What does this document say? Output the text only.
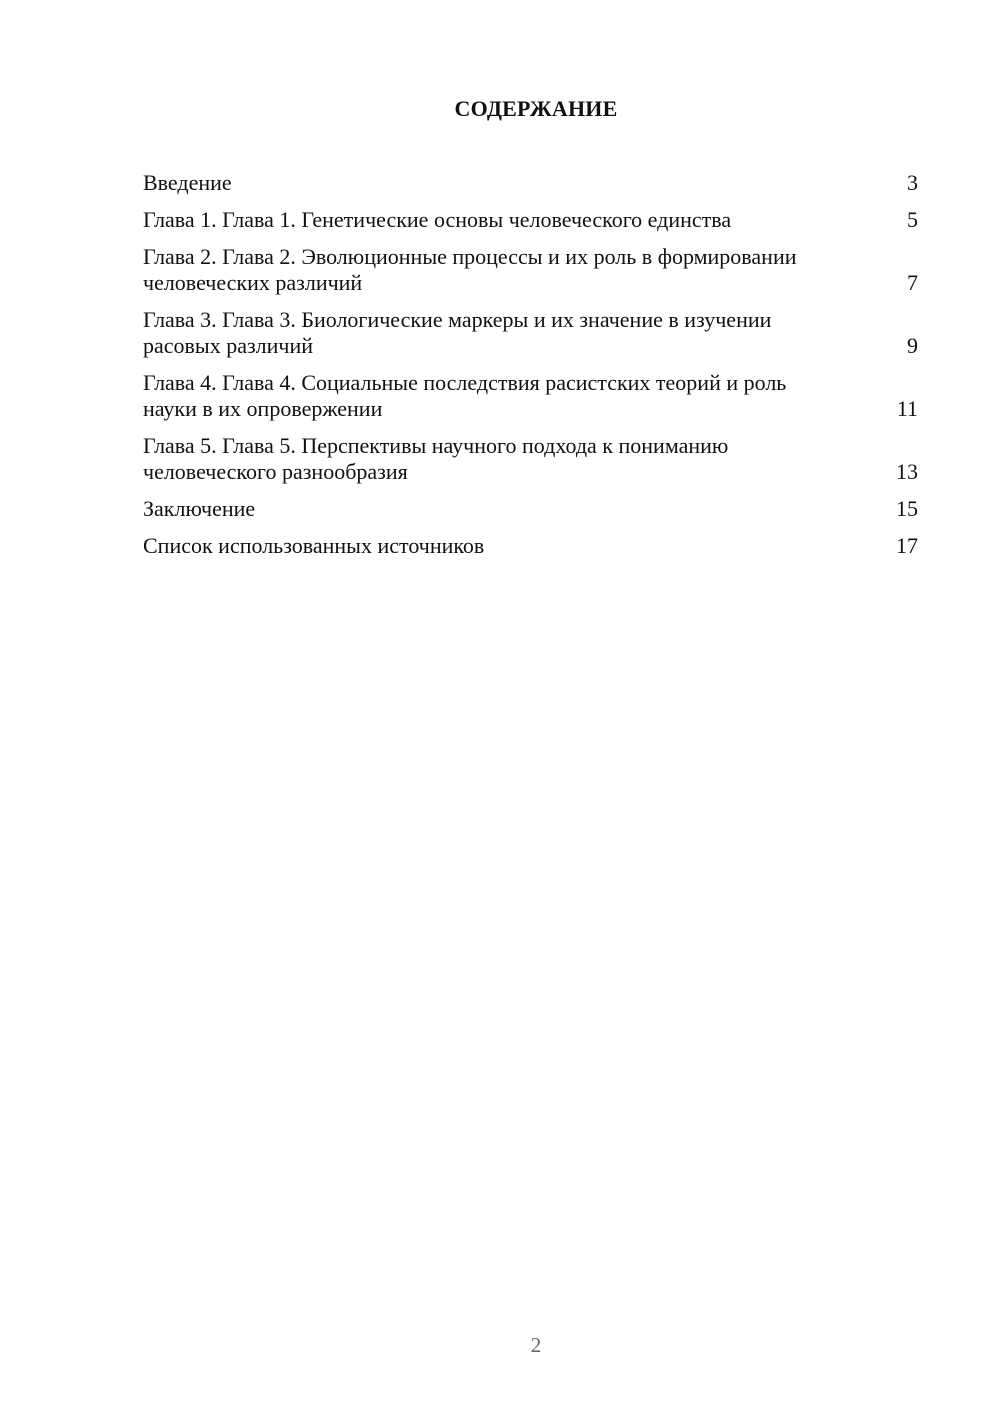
СОДЕРЖАНИЕ
Введение	3
Глава 1. Глава 1. Генетические основы человеческого единства	5
Глава 2. Глава 2. Эволюционные процессы и их роль в формировании человеческих различий	7
Глава 3. Глава 3. Биологические маркеры и их значение в изучении расовых различий	9
Глава 4. Глава 4. Социальные последствия расистских теорий и роль науки в их опровержении	11
Глава 5. Глава 5. Перспективы научного подхода к пониманию человеческого разнообразия	13
Заключение	15
Список использованных источников	17
2
